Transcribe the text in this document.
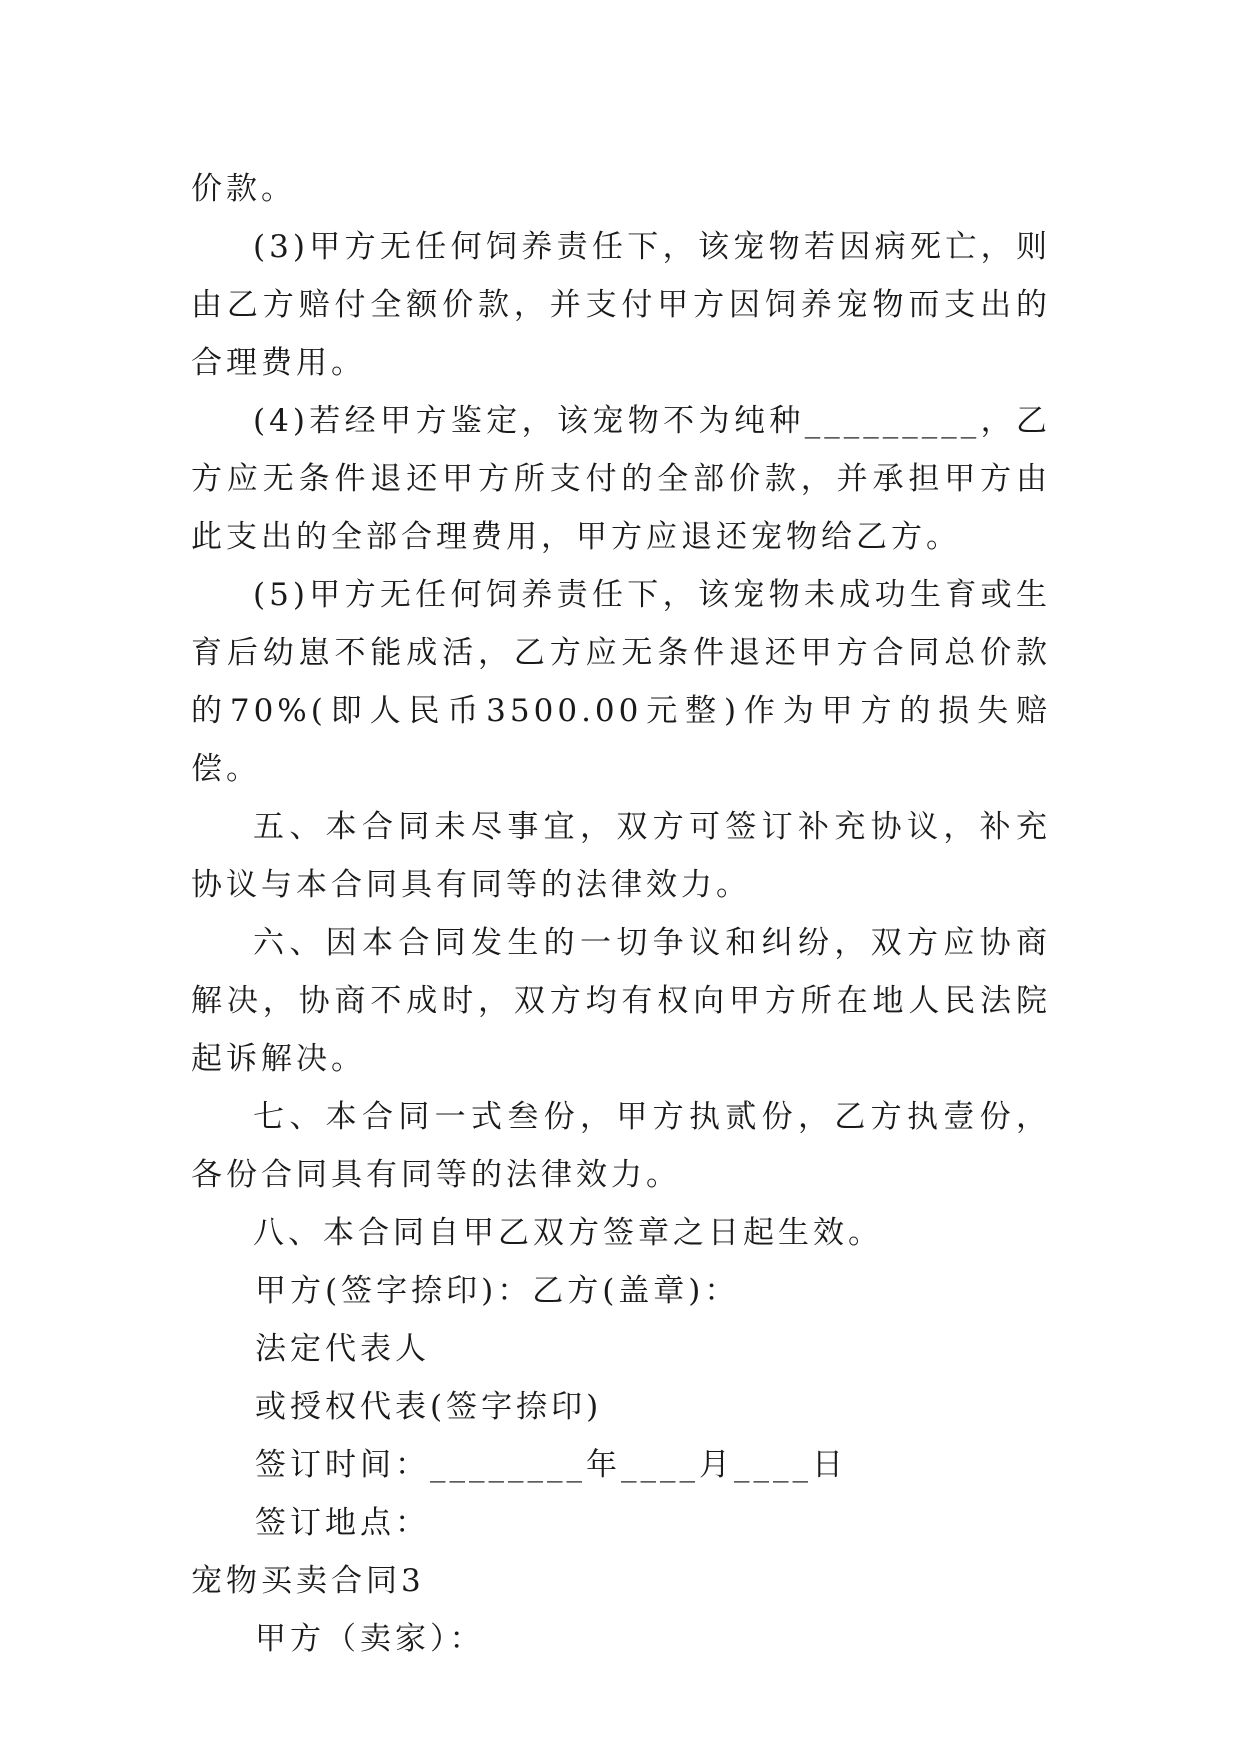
价款。

(3)甲方无任何饲养责任下，该宠物若因病死亡，则由乙方赔付全额价款，并支付甲方因饲养宠物而支出的合理费用。

(4)若经甲方鉴定，该宠物不为纯种_________，乙方应无条件退还甲方所支付的全部价款，并承担甲方由此支出的全部合理费用，甲方应退还宠物给乙方。

(5)甲方无任何饲养责任下，该宠物未成功生育或生育后幼崽不能成活，乙方应无条件退还甲方合同总价款的70%(即人民币3500.00元整)作为甲方的损失赔偿。

五、本合同未尽事宜，双方可签订补充协议，补充协议与本合同具有同等的法律效力。

六、因本合同发生的一切争议和纠纷，双方应协商解决，协商不成时，双方均有权向甲方所在地人民法院起诉解决。

七、本合同一式叁份，甲方执贰份，乙方执壹份，各份合同具有同等的法律效力。

八、本合同自甲乙双方签章之日起生效。

甲方(签字捺印)：乙方(盖章)：

法定代表人

或授权代表(签字捺印)

签订时间：________年____月____日

签订地点：

宠物买卖合同3

甲方（卖家）：
